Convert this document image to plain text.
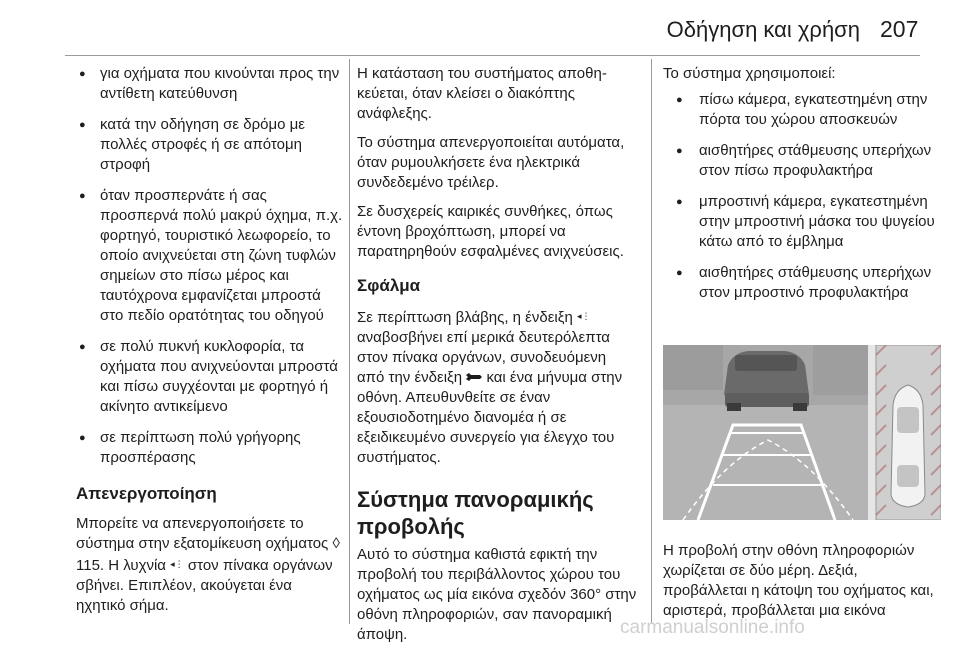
Οδήγηση και χρήση 207
● για οχήματα που κινούνται προς την αντίθετη κατεύθυνση
● κατά την οδήγηση σε δρόμο με πολλές στροφές ή σε απότομη στροφή
● όταν προσπερνάτε ή σας προσπερνά πολύ μακρύ όχημα, π.χ. φορτηγό, τουριστικό λεωφορείο, το οποίο ανιχνεύεται στη ζώνη τυφλών σημείων στο πίσω μέρος και ταυτόχρονα εμφανίζεται μπροστά στο πεδίο ορατότητας του οδηγού
● σε πολύ πυκνή κυκλοφορία, τα οχήματα που ανιχνεύονται μπροστά και πίσω συγχέονται με φορτηγό ή ακίνητο αντικείμενο
● σε περίπτωση πολύ γρήγορης προσπέρασης
Απενεργοποίηση
Μπορείτε να απενεργοποιήσετε το σύστημα στην εξατομίκευση οχήματος ◊ 115. Η λυχνία ◂⋮ στον πίνακα οργάνων σβήνει. Επιπλέον, ακούγεται ένα ηχητικό σήμα.

Η κατάσταση του συστήματος αποθηκεύεται, όταν κλείσει ο διακόπτης ανάφλεξης.

Το σύστημα απενεργοποιείται αυτόματα, όταν ρυμουλκήσετε ένα ηλεκτρικά συνδεδεμένο τρέιλερ.

Σε δυσχερείς καιρικές συνθήκες, όπως έντονη βροχόπτωση, μπορεί να παρατηρηθούν εσφαλμένες ανιχνεύσεις.

Σφάλμα
Σε περίπτωση βλάβης, η ένδειξη ◂⋮ αναβοσβήνει επί μερικά δευτερόλεπτα στον πίνακα οργάνων, συνοδευόμενη από την ένδειξη και ένα μήνυμα στην οθόνη. Απευθυνθείτε σε έναν εξουσιοδοτημένο διανομέα ή σε εξειδικευμένο συνεργείο για έλεγχο του συστήματος.
Σύστημα πανοραμικής προβολής

Αυτό το σύστημα καθιστά εφικτή την προβολή του περιβάλλοντος χώρου του οχήματος ως μία εικόνα σχεδόν 360° στην οθόνη πληροφοριών, σαν πανοραμική άποψη.

Το σύστημα χρησιμοποιεί:

● πίσω κάμερα, εγκατεστημένη στην πόρτα του χώρου αποσκευών
● αισθητήρες στάθμευσης υπερήχων στον πίσω προφυλακτήρα
● μπροστινή κάμερα, εγκατεστημένη στην μπροστινή μάσκα του ψυγείου κάτω από το έμβλημα
● αισθητήρες στάθμευσης υπερήχων στον μπροστινό προφυλακτήρα

Η προβολή στην οθόνη πληροφοριών χωρίζεται σε δύο μέρη. Δεξιά, προβάλλεται η κάτοψη του οχήματος και, αριστερά, προβάλλεται μια εικόνα

carmanualsonline.info
